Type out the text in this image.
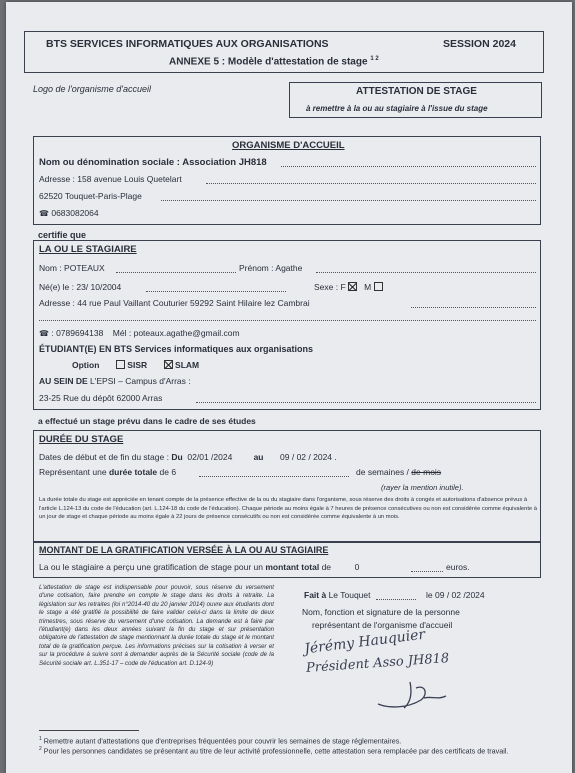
BTS SERVICES INFORMATIQUES AUX ORGANISATIONS	SESSION 2024
ANNEXE 5 : Modèle d'attestation de stage $^{1 2}$
Logo de l'organisme d'accueil	ATTESTATION DE STAGE
à remettre à la ou au stagiaire à l'issue du stage
ORGANISME D'ACCUEIL
Nom ou dénomination sociale : Association JH818
Adresse : 158 avenue Louis Quetelart
62520 Touquet-Paris-Plage
☎ 0683082064
certifie que
LA OU LE STAGIAIRE
Nom : POTEAUX	Prénom : Agathe
Né(e) le : 23/ 10/2004	Sexe : F M
Adresse : 44 rue Paul Vaillant Couturier 59292 Saint Hilaire lez Cambrai
☎ : 0789694138 Mél : poteaux.agathe@gmail.com
ÉTUDIANT(E) EN BTS Services informatiques aux organisations
Option	SISR	SLAM
AU SEIN DE L'EPSI – Campus d'Arras :
23-25 Rue du dépôt 62000 Arras
a effectué un stage prévu dans le cadre de ses études
DURÉE DU STAGE
Dates de début et de fin du stage : Du 02/01 /2024	au 09 / 02 / 2024 .
Représentant une durée totale de 6	de semaines / de mois
(rayer la mention inutile).
La durée totale du stage est appréciée en tenant compte de la présence effective de la ou du stagiaire dans l'organisme, sous réserve des droits à congés et autorisations d'absence prévus à l'article L.124-13 du code de l'éducation (art. L.124-18 du code de l'éducation). Chaque période au moins égale à 7 heures de présence consécutives ou non est considérée comme équivalente à un jour de stage et chaque période au moins égale à 22 jours de présence consécutifs ou non est considérée comme équivalente à un mois.
MONTANT DE LA GRATIFICATION VERSÉE À LA OU AU STAGIAIRE
La ou le stagiaire a perçu une gratification de stage pour un montant total de	0	euros.
L'attestation de stage est indispensable pour pouvoir, sous réserve du versement d'une cotisation, faire prendre en compte le stage dans les droits à retraite. La législation sur les retraites (loi n°2014-40 du 20 janvier 2014) ouvre aux étudiants dont le stage a été gratifié la possibilité de faire valider celui-ci dans la limite de deux trimestres, sous réserve du versement d'une cotisation. La demande est à faire par l'étudiant(e) dans les deux années suivant la fin du stage et sur présentation obligatoire de l'attestation de stage mentionnant la durée totale du stage et le montant total de la gratification perçue. Les informations précises sur la cotisation à verser et sur la procédure à suivre sont à demander auprès de la Sécurité sociale (code de la Sécurité sociale art. L.351-17 – code de l'éducation art. D.124-9)
Fait à Le Touquet	le 09 / 02 /2024
Nom, fonction et signature de la personne
représentant de l'organisme d'accueil
Jérémy Hauquier
Président Asso JH818
$^1$ Remettre autant d'attestations que d'entreprises fréquentées pour couvrir les semaines de stage réglementaires.
$^2$ Pour les personnes candidates se présentant au titre de leur activité professionnelle, cette attestation sera remplacée par des certificats de travail.
